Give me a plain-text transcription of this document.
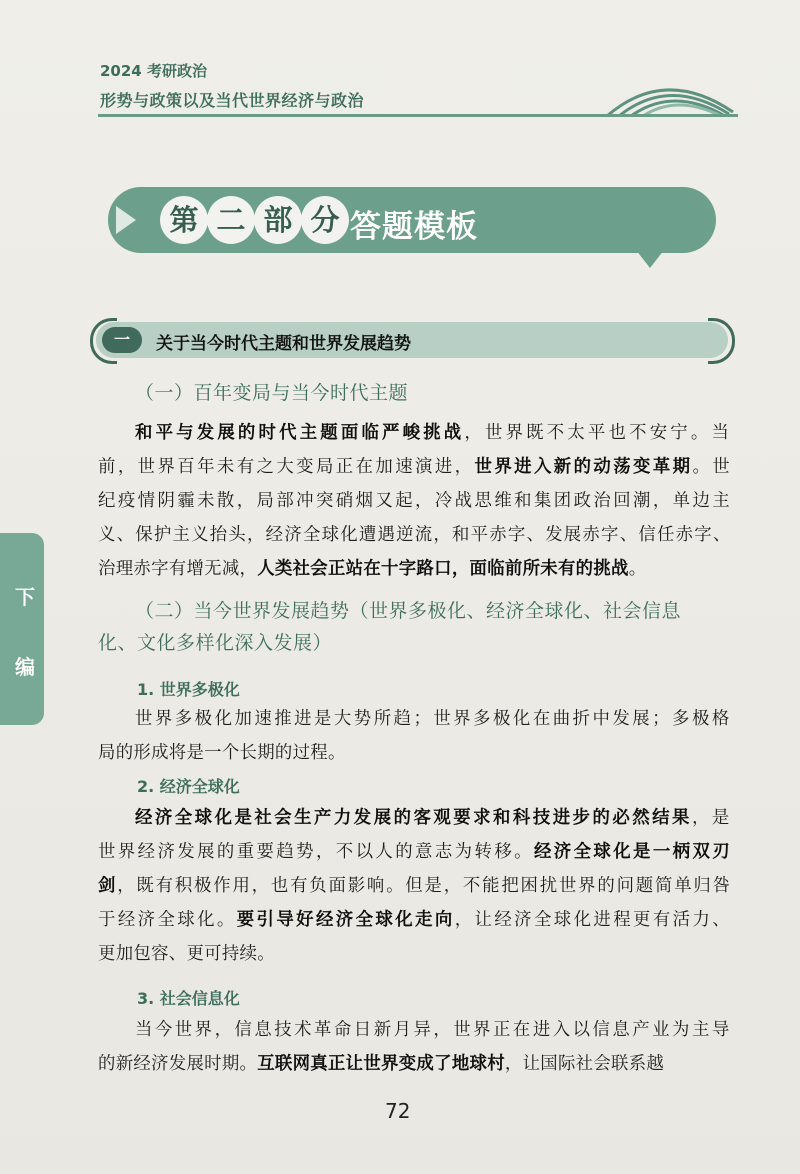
2024 考研政治
形势与政策以及当代世界经济与政治
第 二 部 分 答题模板
一	关于当今时代主题和世界发展趋势
下
编
（一）百年变局与当今时代主题
和平与发展的时代主题面临严峻挑战，世界既不太平也不安宁。当
前，世界百年未有之大变局正在加速演进，世界进入新的动荡变革期。世
纪疫情阴霾未散，局部冲突硝烟又起，冷战思维和集团政治回潮，单边主
义、保护主义抬头，经济全球化遭遇逆流，和平赤字、发展赤字、信任赤字、
治理赤字有增无减，人类社会正站在十字路口，面临前所未有的挑战。
（二）当今世界发展趋势（世界多极化、经济全球化、社会信息
化、文化多样化深入发展）
1. 世界多极化
世界多极化加速推进是大势所趋；世界多极化在曲折中发展；多极格
局的形成将是一个长期的过程。
2. 经济全球化
经济全球化是社会生产力发展的客观要求和科技进步的必然结果，是
世界经济发展的重要趋势，不以人的意志为转移。经济全球化是一柄双刃
剑，既有积极作用，也有负面影响。但是，不能把困扰世界的问题简单归咎
于经济全球化。要引导好经济全球化走向，让经济全球化进程更有活力、
更加包容、更可持续。
3. 社会信息化
当今世界，信息技术革命日新月异，世界正在进入以信息产业为主导
的新经济发展时期。互联网真正让世界变成了地球村，让国际社会联系越
72
